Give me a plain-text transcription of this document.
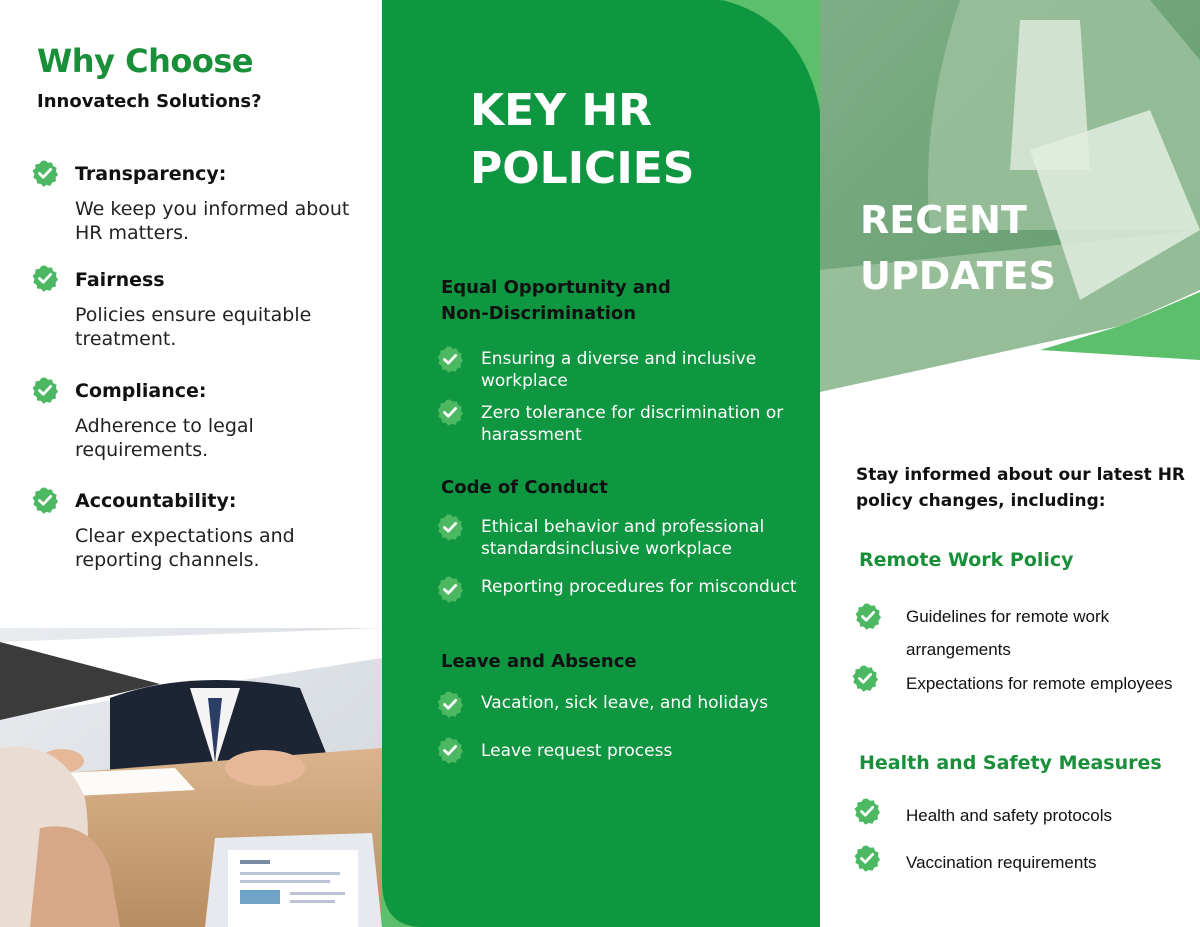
Why Choose
Innovatech Solutions?
Transparency:
We keep you informed about HR matters.
Fairness
Policies ensure equitable treatment.
Compliance:
Adherence to legal requirements.
Accountability:
Clear expectations and reporting channels.
KEY HR
POLICIES
Equal Opportunity and
Non-Discrimination
Ensuring a diverse and inclusive workplace
Zero tolerance for discrimination or harassment
Code of Conduct
Ethical behavior and professional standardsinclusive workplace
Reporting procedures for misconduct
Leave and Absence
Vacation, sick leave, and holidays
Leave request process
RECENT
UPDATES
Stay informed about our latest HR policy changes, including:
Remote Work Policy
Guidelines for remote work arrangements
Expectations for remote employees
Health and Safety Measures
Health and safety protocols
Vaccination requirements
